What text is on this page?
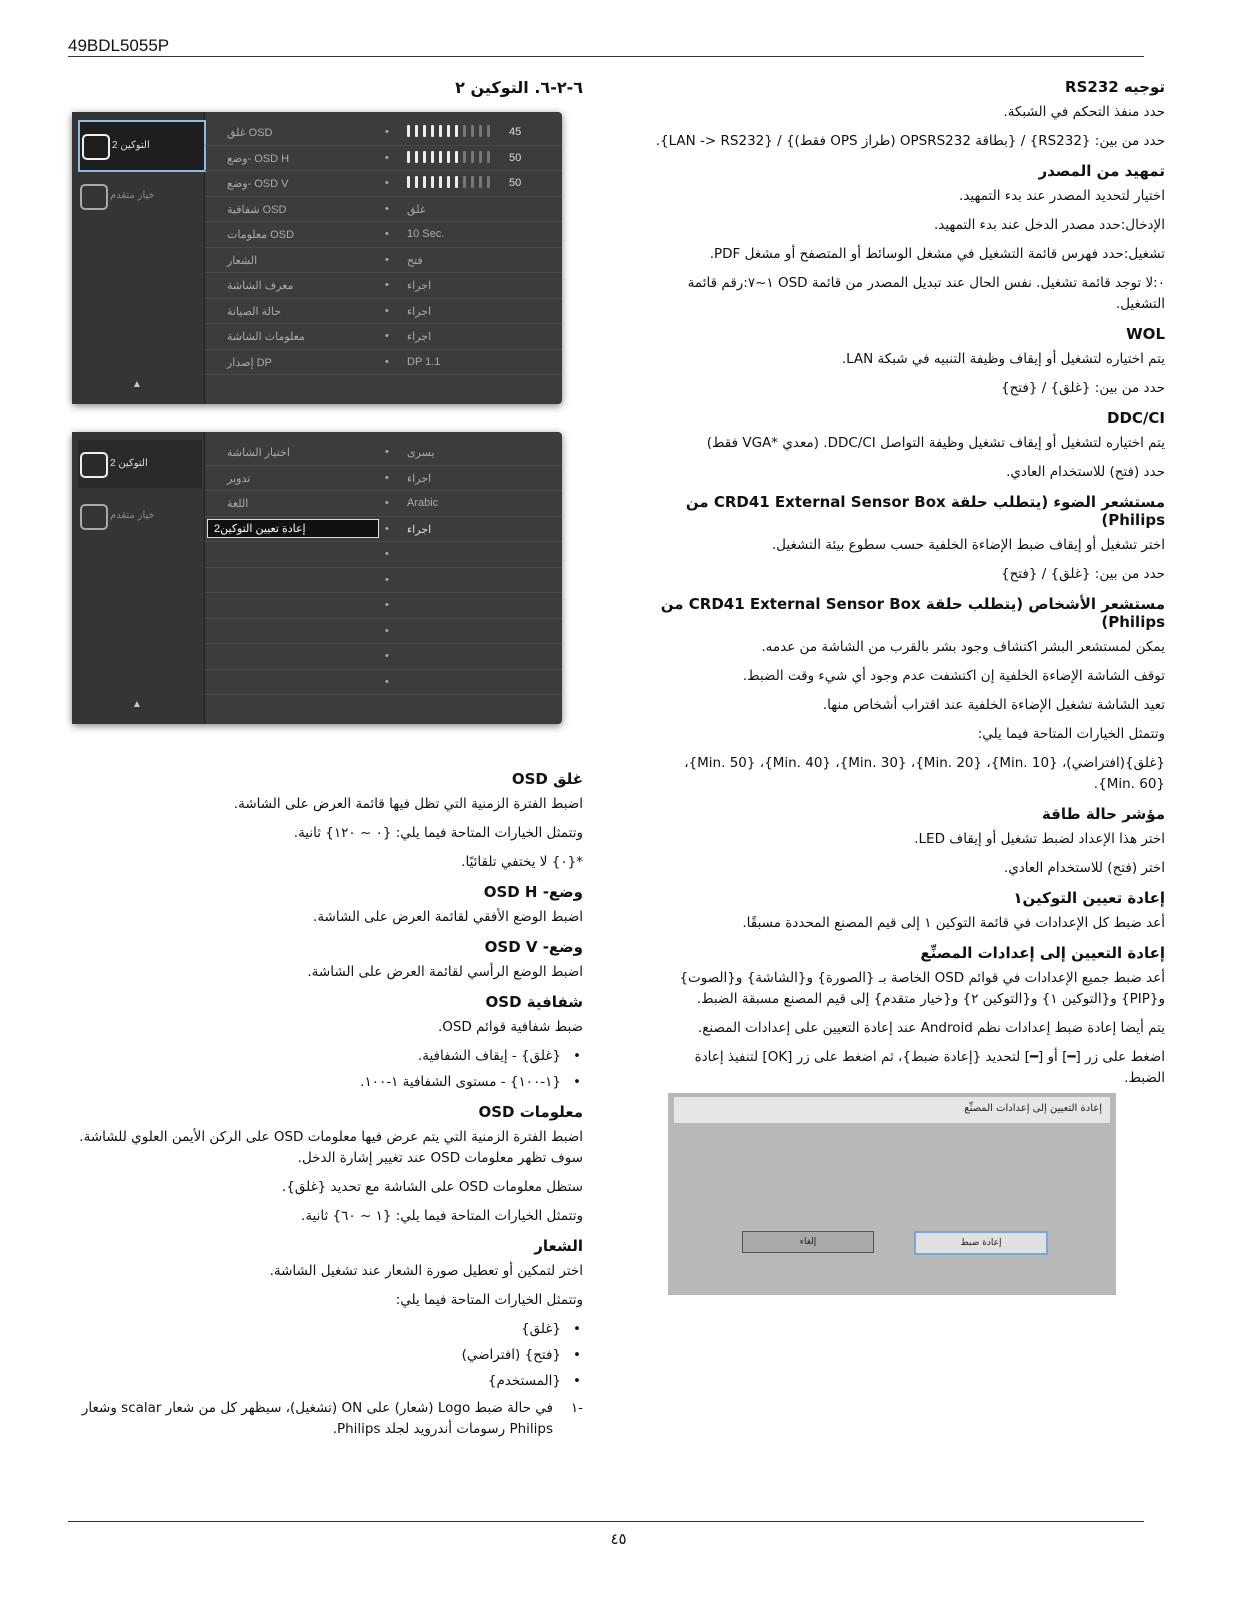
49BDL5055P
٦-٢-٦. التوكين ٢
التوكين 2
خيار متقدم
▲
غلق OSD	•	45
وضع- OSD H	•	50
وضع- OSD V	•	50
شفافية OSD	• غلق
معلومات OSD	• 10 Sec.
الشعار	• فتح
معرف الشاشة	• اجراء
حالة الصيانة	• اجراء
معلومات الشاشة	• اجراء
إصدار DP	• DP 1.1
التوكين 2
خيار متقدم
▲
اختيار الشاشة	• يسرى
تدوير	• اجراء
اللغة	• Arabic
إعادة تعيين التوكين2	• اجراء
•
•
•
•
•
•
غلق OSD

اضبط الفترة الزمنية التي تظل فيها قائمة العرض على الشاشة.

وتتمثل الخيارات المتاحة فيما يلي: {٠ ~ ١٢٠} ثانية.

*{٠} لا يختفي تلقائيًا.

وضع- OSD H

اضبط الوضع الأفقي لقائمة العرض على الشاشة.

وضع- OSD V

اضبط الوضع الرأسي لقائمة العرض على الشاشة.

شفافية OSD

ضبط شفافية قوائم OSD.

• {غلق} - إيقاف الشفافية.
• {١-١٠٠} - مستوى الشفافية ١-١٠٠.
معلومات OSD

اضبط الفترة الزمنية التي يتم عرض فيها معلومات OSD على الركن الأيمن العلوي للشاشة. سوف تظهر معلومات OSD عند تغيير إشارة الدخل.

ستظل معلومات OSD على الشاشة مع تحديد {غلق}.

وتتمثل الخيارات المتاحة فيما يلي: {١ ~ ٦٠} ثانية.

الشعار

اختر لتمكين أو تعطيل صورة الشعار عند تشغيل الشاشة.

وتتمثل الخيارات المتاحة فيما يلي:

• {غلق}
• {فتح} (افتراضي)
• {المستخدم}
-١
في حالة ضبط Logo (شعار) على ON (تشغيل)، سيظهر كل من شعار scalar وشعار Philips رسومات أندرويد لجلد Philips.
توجيه RS232

حدد منفذ التحكم في الشبكة.

حدد من بين: {RS232} / {بطاقة OPSRS232 (طراز OPS فقط)} / {LAN -> RS232}.

تمهيد من المصدر

اختيار لتحديد المصدر عند بدء التمهيد.

الإدخال:حدد مصدر الدخل عند بدء التمهيد.

تشغيل:حدد فهرس قائمة التشغيل في مشغل الوسائط أو المتصفح أو مشغل PDF.

٠:لا توجد قائمة تشغيل. نفس الحال عند تبديل المصدر من قائمة OSD ١~٧:رقم قائمة التشغيل.

WOL

يتم اختياره لتشغيل أو إيقاف وظيفة التنبيه في شبكة LAN.

حدد من بين: {غلق} / {فتح}

DDC/CI

يتم اختياره لتشغيل أو إيقاف تشغيل وظيفة التواصل DDC/CI. (معدي *VGA فقط)

حدد (فتح) للاستخدام العادي.

مستشعر الضوء (يتطلب حلقة CRD41 External Sensor Box من Philips)

اختر تشغيل أو إيقاف ضبط الإضاءة الخلفية حسب سطوع بيئة التشغيل.

حدد من بين: {غلق} / {فتح}

مستشعر الأشخاص (يتطلب حلقة CRD41 External Sensor Box من Philips)

يمكن لمستشعر البشر اكتشاف وجود بشر بالقرب من الشاشة من عدمه.

توقف الشاشة الإضاءة الخلفية إن اكتشفت عدم وجود أي شيء وقت الضبط.

تعيد الشاشة تشغيل الإضاءة الخلفية عند اقتراب أشخاص منها.

وتتمثل الخيارات المتاحة فيما يلي:

{غلق}(افتراضي)، {Min. 10}، {Min. 20}، {Min. 30}، {Min. 40}، {Min. 50}، {Min. 60}.

مؤشر حالة طاقة

اختر هذا الإعداد لضبط تشغيل أو إيقاف LED.

اختر (فتح) للاستخدام العادي.

إعادة تعيين التوكين١

أعد ضبط كل الإعدادات في قائمة التوكين ١ إلى قيم المصنع المحددة مسبقًا.

إعادة التعيين إلى إعدادات المصنِّع

أعد ضبط جميع الإعدادات في قوائم OSD الخاصة بـ {الصورة} و{الشاشة} و{الصوت} و{PIP} و{التوكين ١} و{التوكين ٢} و{خيار متقدم} إلى قيم المصنع مسبقة الضبط.

يتم أيضا إعادة ضبط إعدادات نظم Android عند إعادة التعيين على إعدادات المصنع.

اضغط على زر [━] أو [━] لتحديد {إعادة ضبط}، ثم اضغط على زر [OK] لتنفيذ إعادة الضبط.

إعادة التعيين إلى إعدادات المصنِّع
إعادة ضبط
إلغاء
٤٥
